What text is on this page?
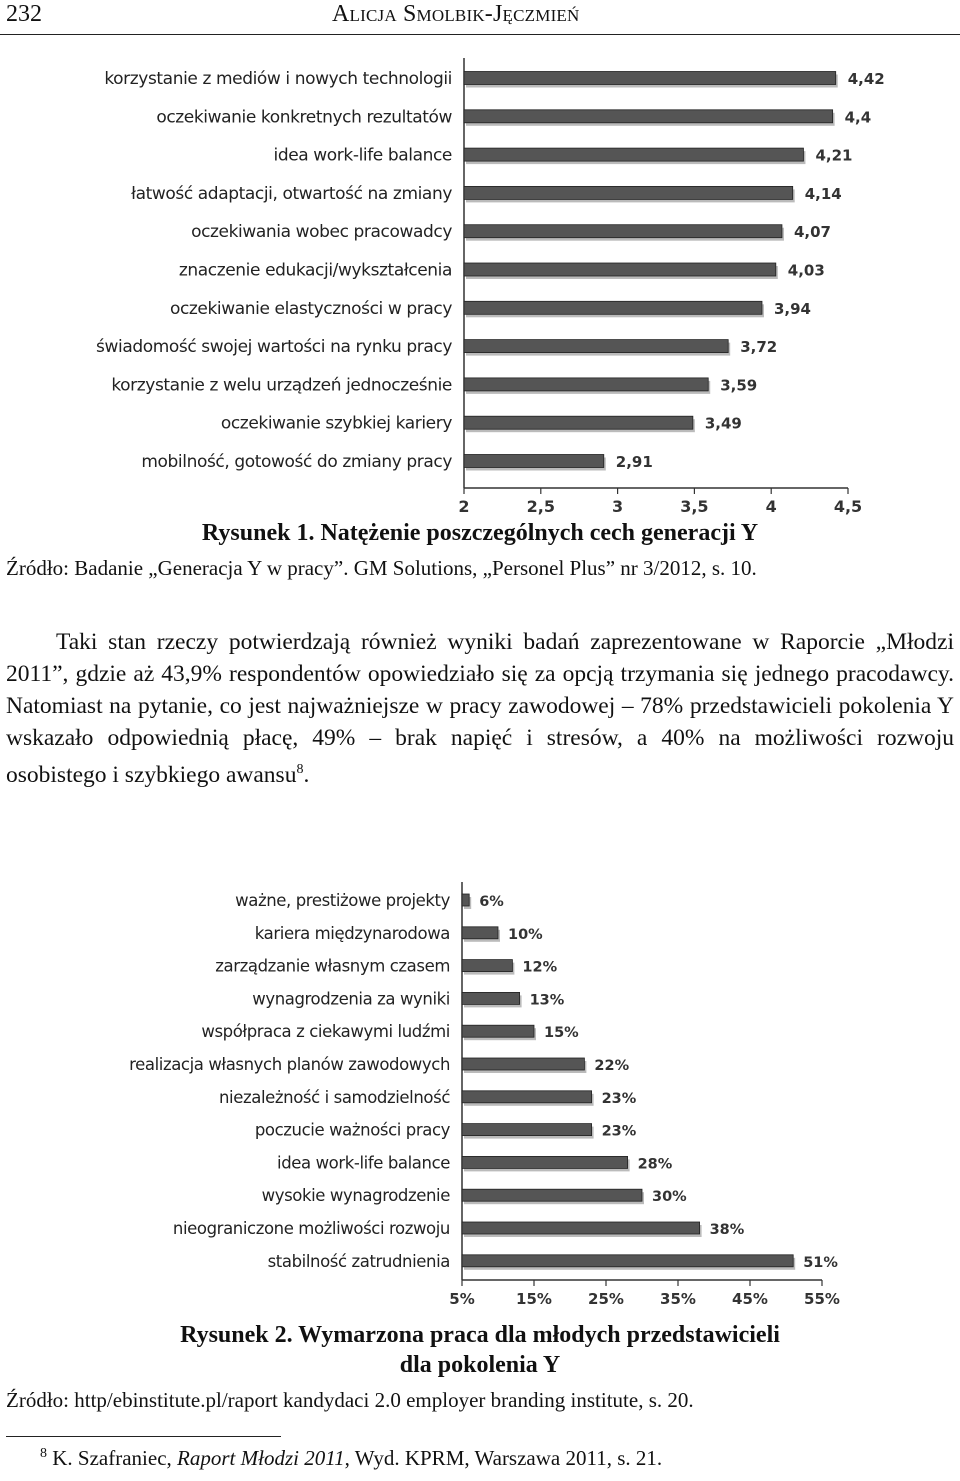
232	Alicja Smolbik-Jęczmień
korzystanie z mediów i nowych technologii	4,42
oczekiwanie konkretnych rezultatów	4,4
idea work-life balance	4,21
łatwość adaptacji, otwartość na zmiany	4,14
oczekiwania wobec pracowadcy	4,07
znaczenie edukacji/wykształcenia	4,03
oczekiwanie elastyczności w pracy	3,94
świadomość swojej wartości na rynku pracy	3,72
korzystanie z welu urządzeń jednocześnie	3,59
oczekiwanie szybkiej kariery	3,49
mobilność, gotowość do zmiany pracy	2,91
2	2,5	3	3,5	4	4,5
Rysunek 1. Natężenie poszczególnych cech generacji Y
Źródło: Badanie „Generacja Y w pracy”. GM Solutions, „Personel Plus” nr 3/2012, s. 10.

Taki stan rzeczy potwierdzają również wyniki badań zaprezentowane w Raporcie „Młodzi 2011”, gdzie aż 43,9% respondentów opowiedziało się za opcją trzymania się jednego pracodawcy. Natomiast na pytanie, co jest najważniejsze w pracy zawodowej – 78% przedstawicieli pokolenia Y wskazało odpowiednią płacę, 49% – brak napięć i stresów, a 40% na możliwości rozwoju osobistego i szybkiego awansu$^8$.

ważne, prestiżowe projekty 6%
kariera międzynarodowa	10%
zarządzanie własnym czasem	12%
wynagrodzenia za wyniki	13%
współpraca z ciekawymi ludźmi	15%
realizacja własnych planów zawodowych	22%
niezależność i samodzielność	23%
poczucie ważności pracy	23%
idea work-life balance	28%
wysokie wynagrodzenie	30%
nieograniczone możliwości rozwoju	38%
stabilność zatrudnienia	51%
5%	15% 25% 35% 45% 55%
Rysunek 2. Wymarzona praca dla młodych przedstawicieli
dla pokolenia Y
Źródło: http/ebinstitute.pl/raport kandydaci 2.0 employer branding institute, s. 20.
$^8$ K. Szafraniec, Raport Młodzi 2011, Wyd. KPRM, Warszawa 2011, s. 21.
